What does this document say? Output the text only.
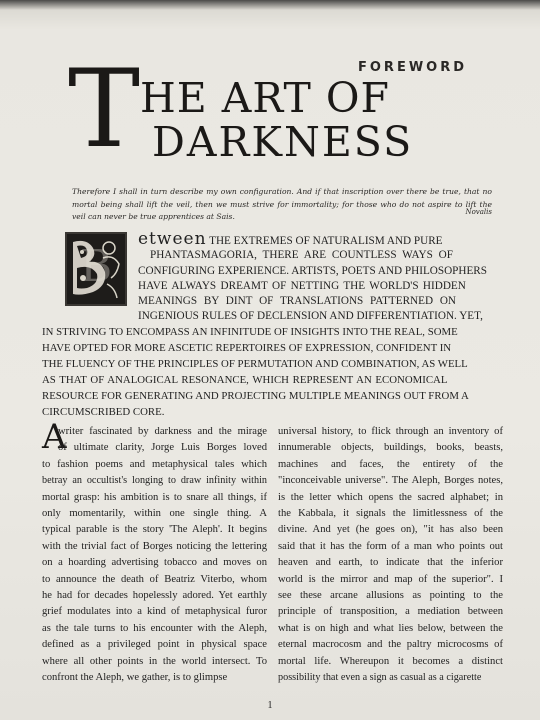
FOREWORD
T HE ART OF
DARKNESS
Therefore I shall in turn describe my own configuration. And if that inscription over there be true, that no mortal being shall lift the veil, then we must strive for immortality; for those who do not aspire to lift the veil can never be true apprentices at Sais.
Novalis
B
etween THE EXTREMES OF NATURALISM AND PURE
PHANTASMAGORIA, THERE ARE COUNTLESS WAYS OF
CONFIGURING EXPERIENCE. ARTISTS, POETS AND PHILOSOPHERS
HAVE ALWAYS DREAMT OF NETTING THE WORLD'S HIDDEN
MEANINGS BY DINT OF TRANSLATIONS PATTERNED ON
INGENIOUS RULES OF DECLENSION AND DIFFERENTIATION. YET,
IN STRIVING TO ENCOMPASS AN INFINITUDE OF INSIGHTS INTO THE REAL, SOME
HAVE OPTED FOR MORE ASCETIC REPERTOIRES OF EXPRESSION, CONFIDENT IN
THE FLUENCY OF THE PRINCIPLES OF PERMUTATION AND COMBINATION, AS WELL
AS THAT OF ANALOGICAL RESONANCE, WHICH REPRESENT AN ECONOMICAL
RESOURCE FOR GENERATING AND PROJECTING MULTIPLE MEANINGS OUT FROM A
CIRCUMSCRIBED CORE.
A
writer fascinated by darkness and the mirage
of ultimate clarity, Jorge Luis Borges loved
to fashion poems and metaphysical tales which
betray an occultist's longing to draw infinity within
mortal grasp: his ambition is to snare all things, if
only momentarily, within one single thing. A
typical parable is the story 'The Aleph'. It begins
with the trivial fact of Borges noticing the lettering
on a hoarding advertising tobacco and moves on
to announce the death of Beatriz Viterbo, whom
he had for decades hopelessly adored. Yet earthly
grief modulates into a kind of metaphysical furor
as the tale turns to his encounter with the Aleph,
defined as a privileged point in physical space
where all other points in the world intersect. To
confront the Aleph, we gather, is to glimpse
universal history, to flick through an inventory of
innumerable objects, buildings, books, beasts,
machines and faces, the entirety of the
"inconceivable universe". The Aleph, Borges notes,
is the letter which opens the sacred alphabet; in
the Kabbala, it signals the limitlessness of the
divine. And yet (he goes on), "it has also been
said that it has the form of a man who points out
heaven and earth, to indicate that the inferior
world is the mirror and map of the superior". I
see these arcane allusions as pointing to the
principle of transposition, a mediation between
what is on high and what lies below, between the
eternal macrocosm and the paltry microcosms of
mortal life. Whereupon it becomes a distinct
possibility that even a sign as casual as a cigarette
1
